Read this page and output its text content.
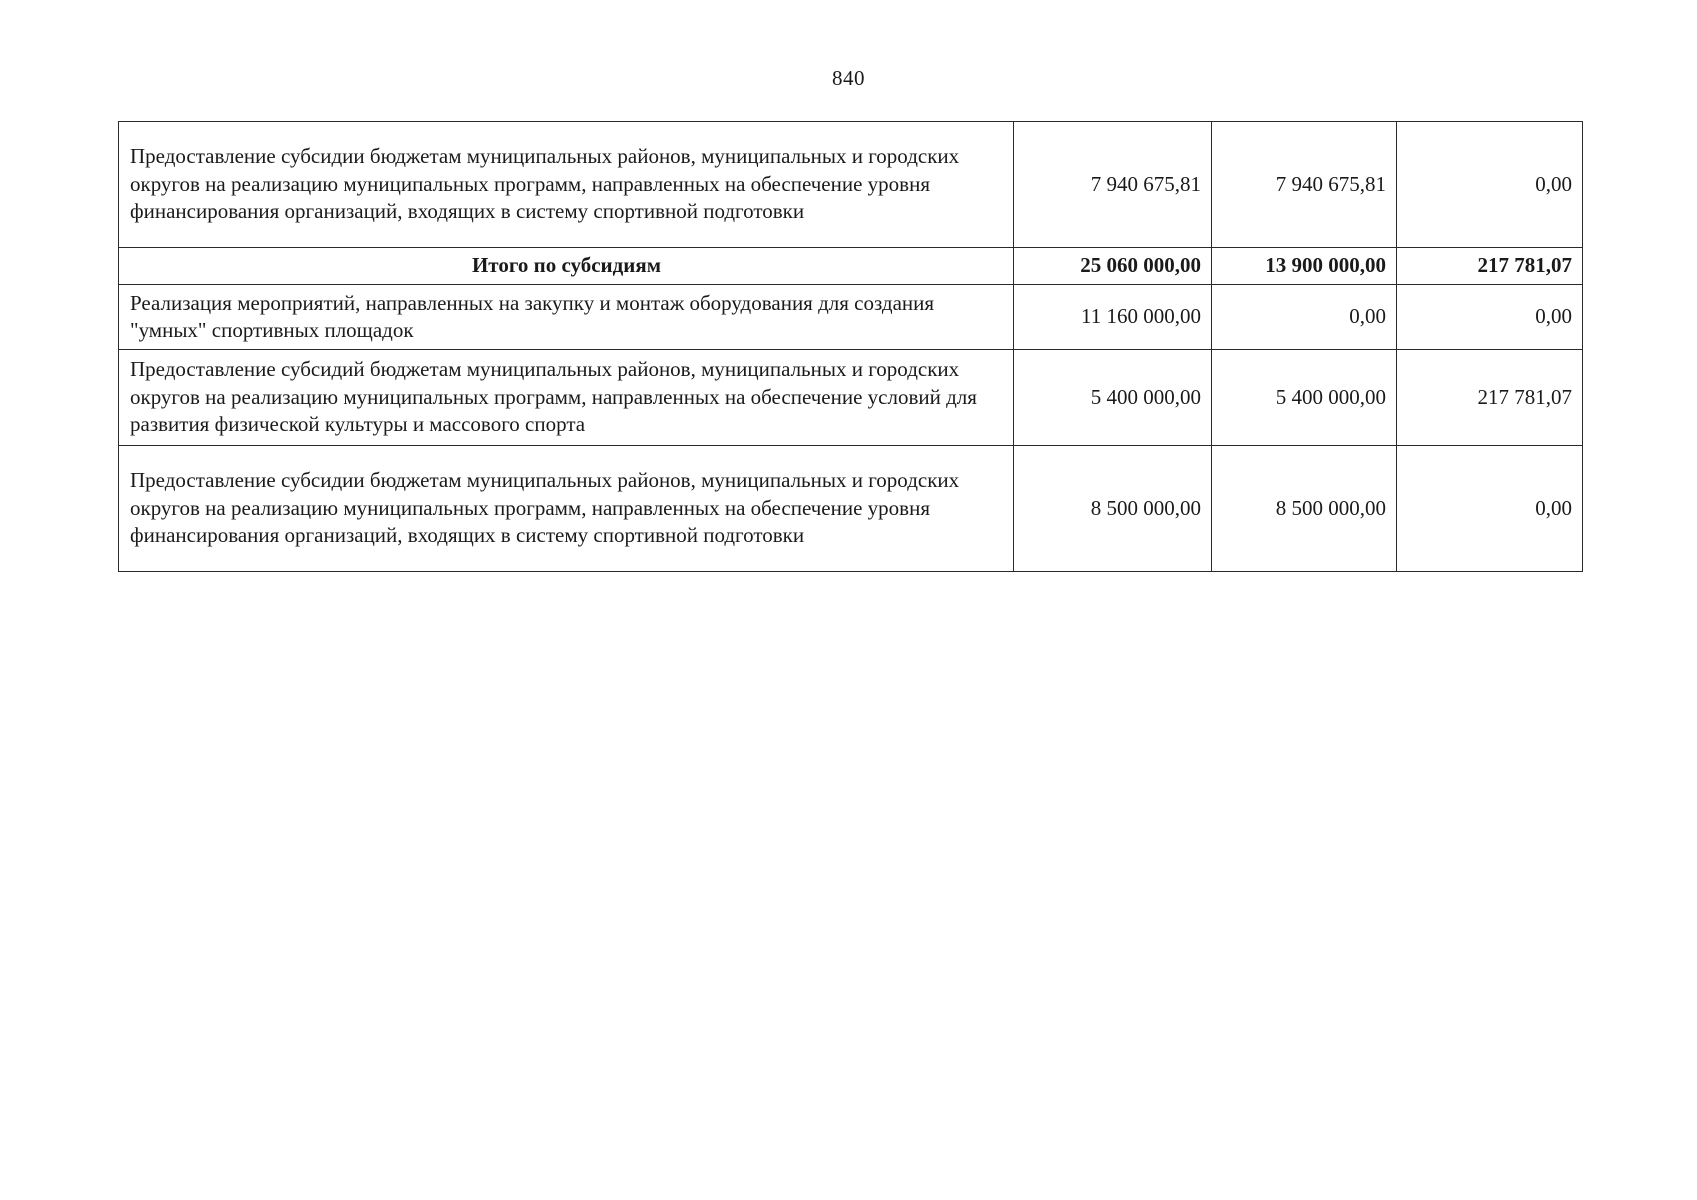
840
Предоставление субсидии бюджетам муниципальных районов, муниципальных и городских округов на реализацию муниципальных программ, направленных на обеспечение уровня финансирования организаций, входящих в систему спортивной подготовки	7 940 675,81	7 940 675,81	0,00
Итого по субсидиям	25 060 000,00	13 900 000,00	217 781,07
Реализация мероприятий, направленных на закупку и монтаж оборудования для создания "умных" спортивных площадок	11 160 000,00	0,00	0,00
Предоставление субсидий бюджетам муниципальных районов, муниципальных и городских округов на реализацию муниципальных программ, направленных на обеспечение условий для развития физической культуры и массового спорта	5 400 000,00	5 400 000,00	217 781,07
Предоставление субсидии бюджетам муниципальных районов, муниципальных и городских округов на реализацию муниципальных программ, направленных на обеспечение уровня финансирования организаций, входящих в систему спортивной подготовки	8 500 000,00	8 500 000,00	0,00
